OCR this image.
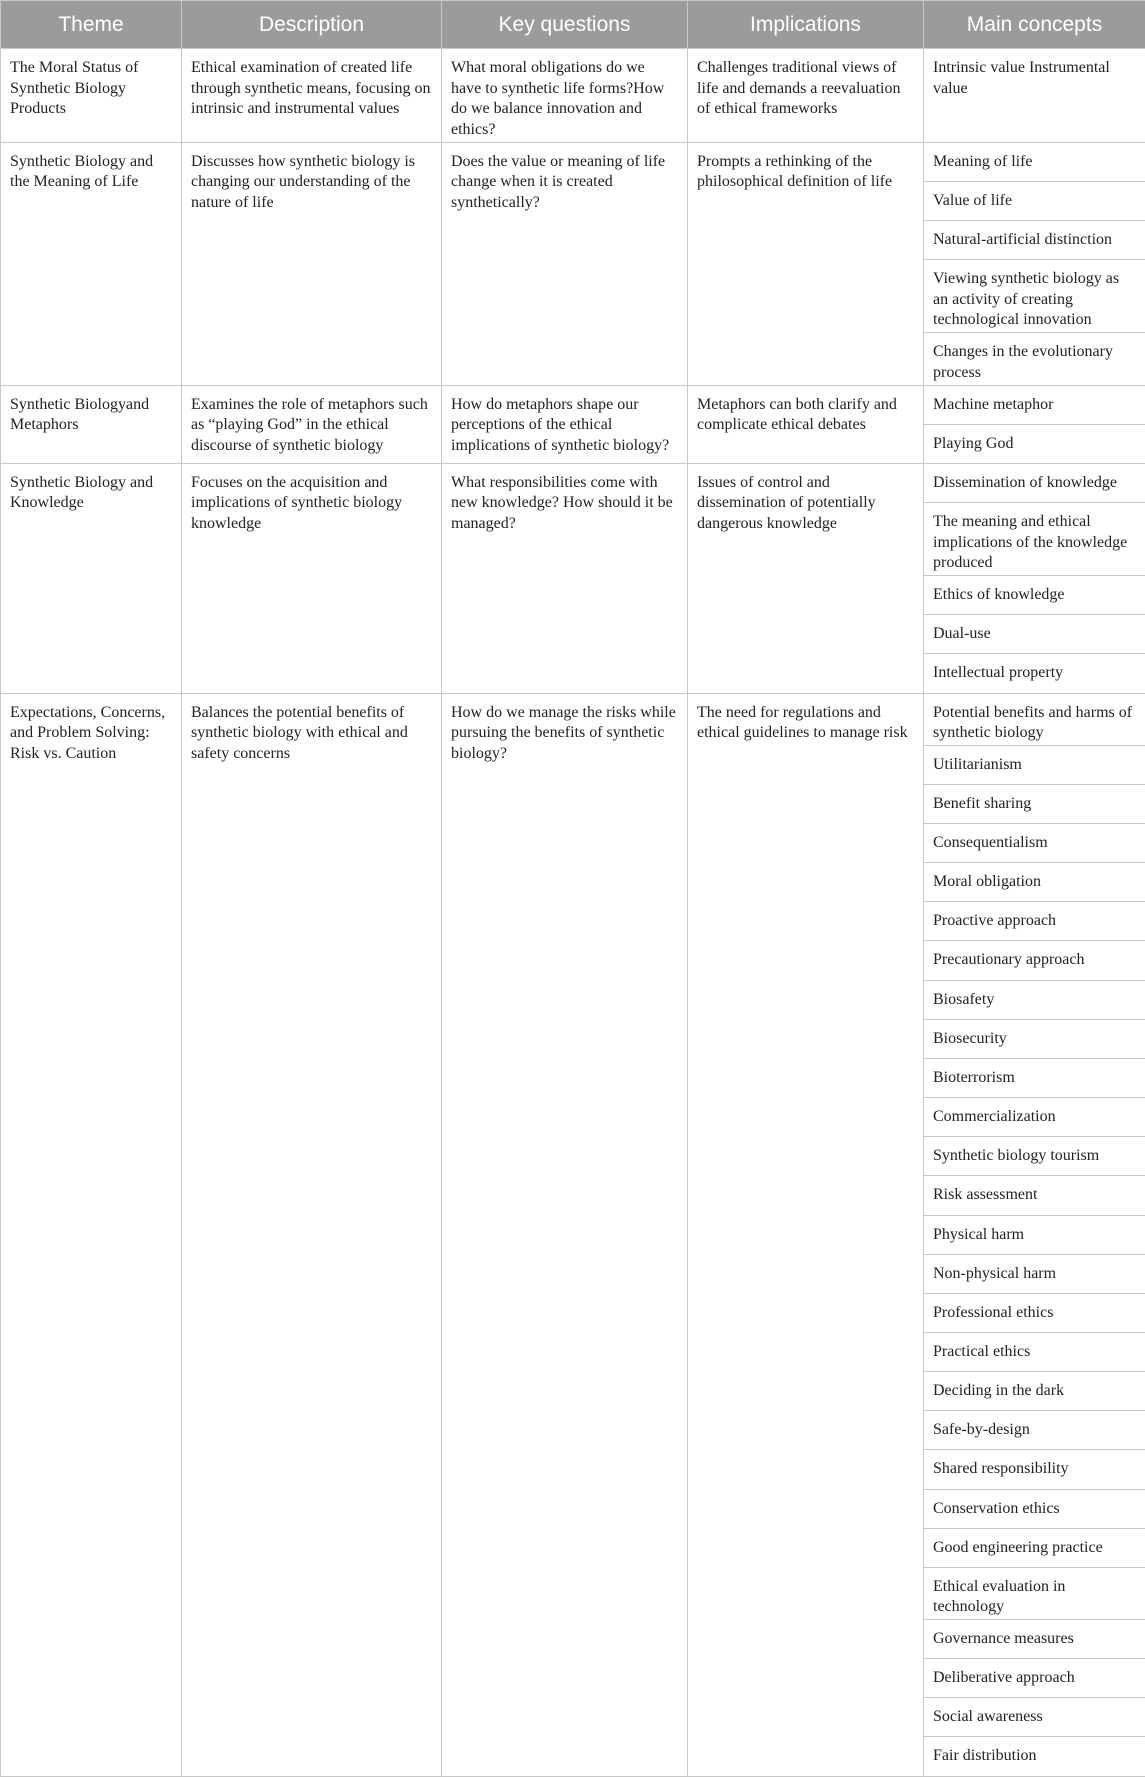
Theme	Description	Key questions	Implications	Main concepts
The Moral Status of Synthetic Biology Products	Ethical examination of created life through synthetic means, focusing on intrinsic and instrumental values	What moral obligations do we have to synthetic life forms?How do we balance innovation and ethics?	Challenges traditional views of life and demands a reevaluation of ethical frameworks	Intrinsic value Instrumental value
Synthetic Biology and the Meaning of Life	Discusses how synthetic biology is changing our understanding of the nature of life	Does the value or meaning of life change when it is created synthetically?	Prompts a rethinking of the philosophical definition of life	Meaning of life
				Value of life
				Natural-artificial distinction
				Viewing synthetic biology as an activity of creating technological innovation
				Changes in the evolutionary process
Synthetic Biologyand Metaphors	Examines the role of metaphors such as “playing God” in the ethical discourse of synthetic biology	How do metaphors shape our perceptions of the ethical implications of synthetic biology?	Metaphors can both clarify and complicate ethical debates	Machine metaphor
				Playing God
Synthetic Biology and Knowledge	Focuses on the acquisition and implications of synthetic biology knowledge	What responsibilities come with new knowledge? How should it be managed?	Issues of control and dissemination of potentially dangerous knowledge	Dissemination of knowledge
				The meaning and ethical implications of the knowledge produced
				Ethics of knowledge
				Dual-use
				Intellectual property
Expectations, Concerns, and Problem Solving: Risk vs. Caution	Balances the potential benefits of synthetic biology with ethical and safety concerns	How do we manage the risks while pursuing the benefits of synthetic biology?	The need for regulations and ethical guidelines to manage risk	Potential benefits and harms of synthetic biology
				Utilitarianism
				Benefit sharing
				Consequentialism
				Moral obligation
				Proactive approach
				Precautionary approach
				Biosafety
				Biosecurity
				Bioterrorism
				Commercialization
				Synthetic biology tourism
				Risk assessment
				Physical harm
				Non-physical harm
				Professional ethics
				Practical ethics
				Deciding in the dark
				Safe-by-design
				Shared responsibility
				Conservation ethics
				Good engineering practice
				Ethical evaluation in technology
				Governance measures
				Deliberative approach
				Social awareness
				Fair distribution
